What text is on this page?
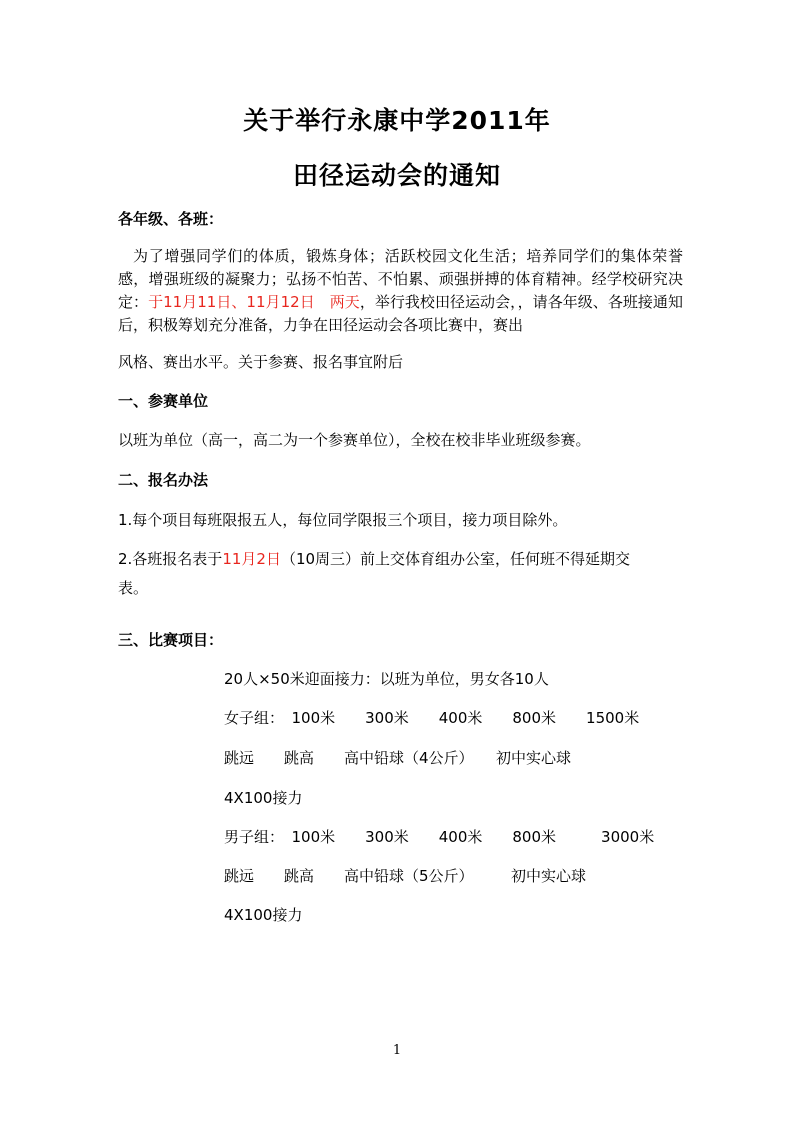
关于举行永康中学2011年
田径运动会的通知
各年级、各班：
为了增强同学们的体质，锻炼身体；活跃校园文化生活；培养同学们的集体荣誉感，增强班级的凝聚力；弘扬不怕苦、不怕累、顽强拼搏的体育精神。经学校研究决定：于11月11日、11月12日　两天，举行我校田径运动会，，请各年级、各班接通知后，积极筹划充分准备，力争在田径运动会各项比赛中，赛出
风格、赛出水平。关于参赛、报名事宜附后
一、参赛单位
以班为单位（高一，高二为一个参赛单位），全校在校非毕业班级参赛。
二、报名办法
1.每个项目每班限报五人，每位同学限报三个项目，接力项目除外。
2.各班报名表于11月2日（10周三）前上交体育组办公室，任何班不得延期交
表。
三、比赛项目：
20人×50米迎面接力：以班为单位，男女各10人
女子组：　100米　　300米　　400米　　800米　　1500米
跳远　　跳高　　高中铅球（4公斤）　　初中实心球
4X100接力
男子组：　100米　　300米　　400米　　800米　　　3000米
跳远　　跳高　　高中铅球（5公斤）　　　初中实心球
4X100接力
1
